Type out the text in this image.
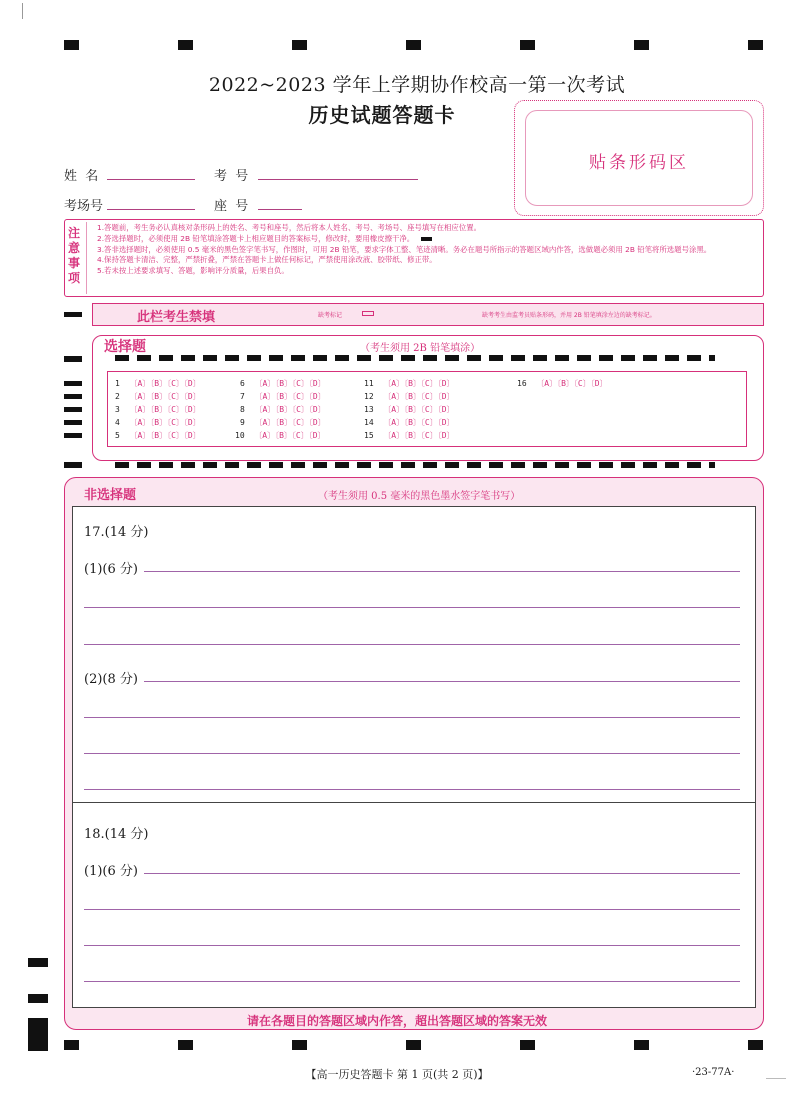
2022~2023 学年上学期协作校高一第一次考试
历史试题答题卡
贴条形码区
姓  名	考  号
考场号	座  号
注
意
事
项
1.答题前，考生务必认真核对条形码上的姓名、考号和座号，然后将本人姓名、考号、考场号、座号填写在相应位置。
2.答选择题时，必须使用 2B 铅笔填涂答题卡上相应题目的答案标号，修改时，要用橡皮擦干净。
3.答非选择题时，必须使用 0.5 毫米的黑色签字笔书写，作图时，可用 2B 铅笔，要求字体工整、笔迹清晰。务必在题号所指示的答题区域内作答，选做题必须用 2B 铅笔将所选题号涂黑。
4.保持答题卡清洁、完整，严禁折叠，严禁在答题卡上做任何标记，严禁使用涂改液、胶带纸、修正带。
5.若未按上述要求填写、答题，影响评分质量，后果自负。
此栏考生禁填	缺考标记	缺考考生由监考员贴条形码，并用 2B 铅笔填涂左边的缺考标记。
选择题	（考生须用 2B 铅笔填涂）
1 〔A〕〔B〕〔C〕〔D〕
2 〔A〕〔B〕〔C〕〔D〕
3 〔A〕〔B〕〔C〕〔D〕
4 〔A〕〔B〕〔C〕〔D〕
5 〔A〕〔B〕〔C〕〔D〕
6 〔A〕〔B〕〔C〕〔D〕
7 〔A〕〔B〕〔C〕〔D〕
8 〔A〕〔B〕〔C〕〔D〕
9 〔A〕〔B〕〔C〕〔D〕
10 〔A〕〔B〕〔C〕〔D〕
11 〔A〕〔B〕〔C〕〔D〕
12 〔A〕〔B〕〔C〕〔D〕
13 〔A〕〔B〕〔C〕〔D〕
14 〔A〕〔B〕〔C〕〔D〕
15 〔A〕〔B〕〔C〕〔D〕
16 〔A〕〔B〕〔C〕〔D〕
非选择题	（考生须用 0.5 毫米的黑色墨水签字笔书写）
17.(14 分)
(1)(6 分)
(2)(8 分)
18.(14 分)
(1)(6 分)
请在各题目的答题区域内作答，超出答题区域的答案无效
【高一历史答题卡 第 1 页(共 2 页)】	·23-77A·
